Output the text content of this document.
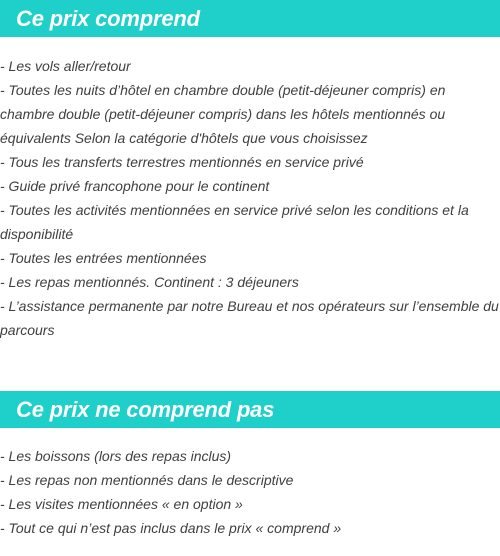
Ce prix comprend
- Les vols aller/retour
- Toutes les nuits d’hôtel en chambre double (petit-déjeuner compris) en chambre double (petit-déjeuner compris) dans les hôtels mentionnés ou équivalents Selon la catégorie d'hôtels que vous choisissez
- Tous les transferts terrestres mentionnés en service privé
- Guide privé francophone pour le continent
- Toutes les activités mentionnées en service privé selon les conditions et la disponibilité
- Toutes les entrées mentionnées
- Les repas mentionnés. Continent : 3 déjeuners
- L’assistance permanente par notre Bureau et nos opérateurs sur l’ensemble du parcours
Ce prix ne comprend pas
- Les boissons (lors des repas inclus)
- Les repas non mentionnés dans le descriptive
- Les visites mentionnées « en option »
- Tout ce qui n’est pas inclus dans le prix « comprend »
